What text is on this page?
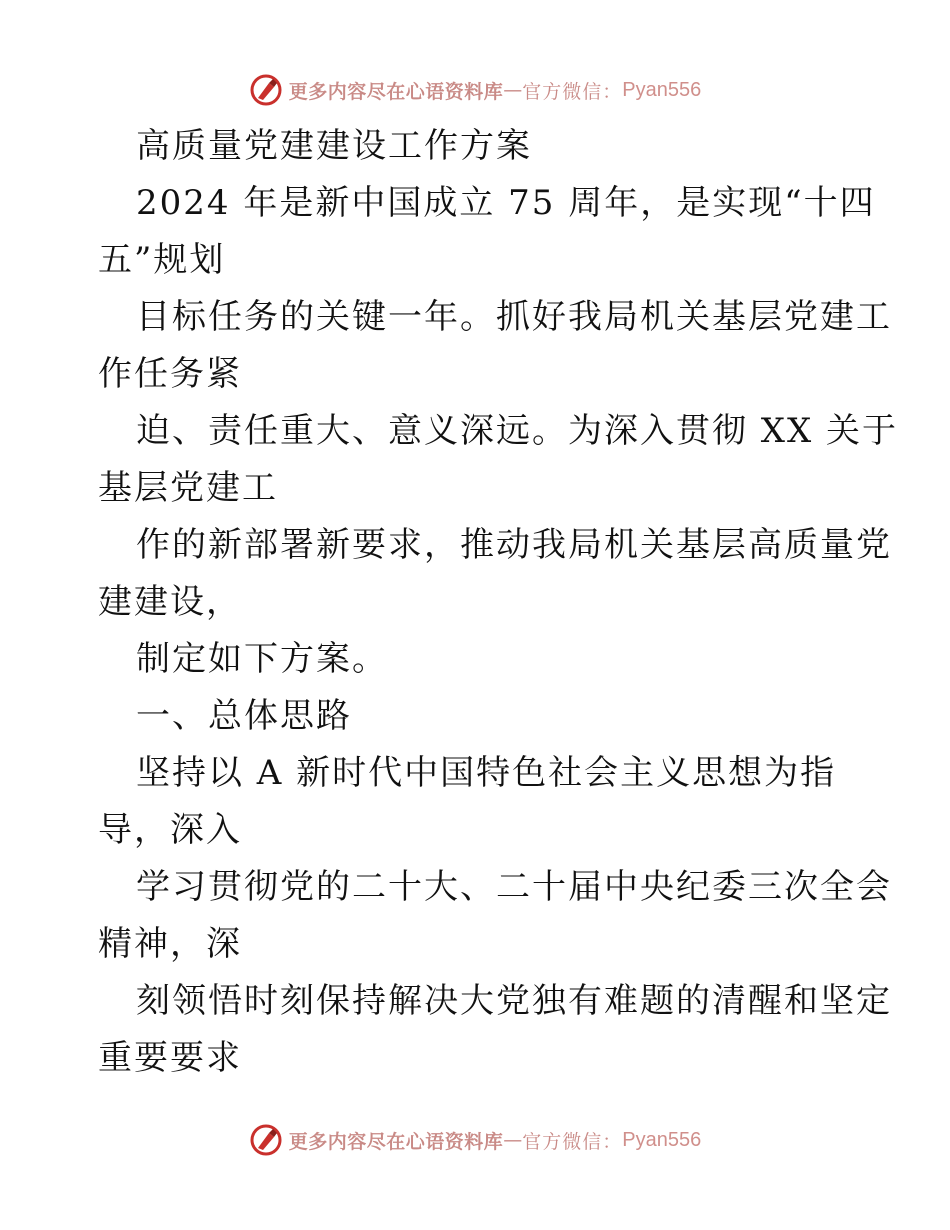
更多内容尽在心语资料库 — 官方微信： Pyan556
高质量党建建设工作方案
2024 年是新中国成立 75 周年，是实现“十四
五”规划
目标任务的关键一年。抓好我局机关基层党建工
作任务紧
迫、责任重大、意义深远。为深入贯彻 XX 关于
基层党建工
作的新部署新要求，推动我局机关基层高质量党
建建设，
制定如下方案。
一、总体思路
坚持以 A 新时代中国特色社会主义思想为指
导，深入
学习贯彻党的二十大、二十届中央纪委三次全会
精神，深
刻领悟时刻保持解决大党独有难题的清醒和坚定
重要要求
更多内容尽在心语资料库 — 官方微信： Pyan556
